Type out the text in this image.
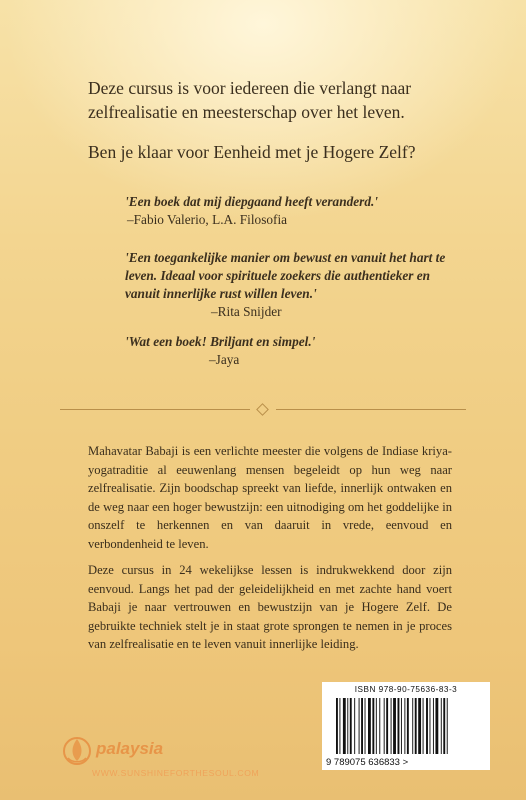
Deze cursus is voor iedereen die verlangt naar zelfrealisatie en meesterschap over het leven.
Ben je klaar voor Eenheid met je Hogere Zelf?
'Een boek dat mij diepgaand heeft veranderd.'
–Fabio Valerio, L.A. Filosofia
'Een toegankelijke manier om bewust en vanuit het hart te leven. Ideaal voor spirituele zoekers die authentieker en vanuit innerlijke rust willen leven.'
–Rita Snijder
'Wat een boek! Briljant en simpel.'
–Jaya
Mahavatar Babaji is een verlichte meester die volgens de Indiase kriya-yogatraditie al eeuwenlang mensen begeleidt op hun weg naar zelfrealisatie. Zijn boodschap spreekt van liefde, innerlijk ontwaken en de weg naar een hoger bewustzijn: een uitnodiging om het goddelijke in onszelf te herkennen en van daaruit in vrede, eenvoud en verbondenheid te leven.
Deze cursus in 24 wekelijkse lessen is indrukwekkend door zijn eenvoud. Langs het pad der geleidelijkheid en met zachte hand voert Babaji je naar vertrouwen en bewustzijn van je Hogere Zelf. De gebruikte techniek stelt je in staat grote sprongen te nemen in je proces van zelfrealisatie en te leven vanuit innerlijke leiding.
9 789075 636833 >
ISBN 978-90-75636-83-3
palaysia
WWW.SUNSHINEFORTHESOUL.COM
